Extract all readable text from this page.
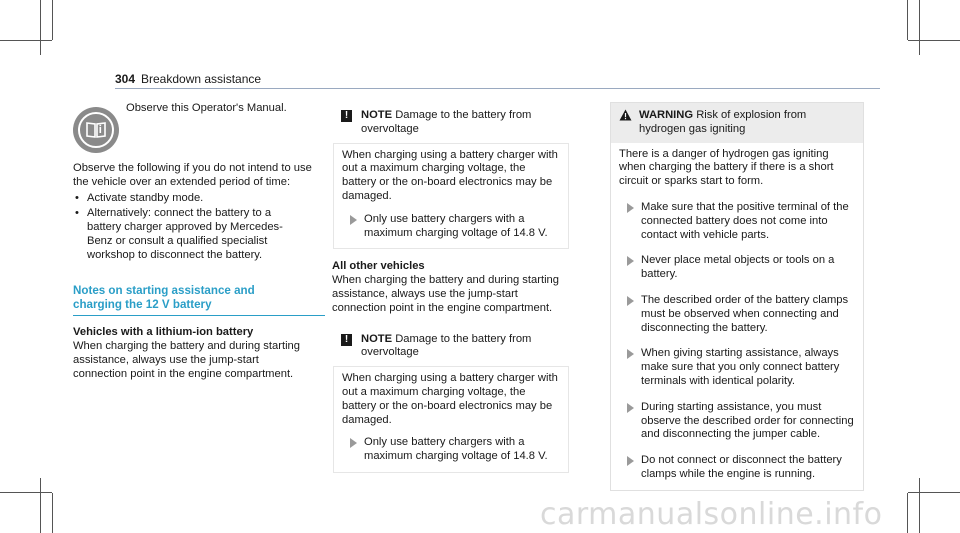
304 Breakdown assistance

Observe this Operator's Manual.

Observe the following if you do not intend to use the vehicle over an extended period of time:

• Activate standby mode.
• Alternatively: connect the battery to a battery charger approved by Mercedes-Benz or consult a qualified specialist workshop to disconnect the battery.
Notes on starting assistance and charging the 12 V battery
Vehicles with a lithium-ion battery

When charging the battery and during starting assistance, always use the jump-start connection point in the engine compartment.

!	NOTE Damage to the battery from overvoltage

When charging using a battery charger with out a maximum charging voltage, the battery or the on-board electronics may be damaged.

Only use battery chargers with a maximum charging voltage of 14.8 V.
All other vehicles

When charging the battery and during starting assistance, always use the jump-start connection point in the engine compartment.

!	NOTE Damage to the battery from overvoltage

When charging using a battery charger with out a maximum charging voltage, the battery or the on-board electronics may be damaged.

Only use battery chargers with a maximum charging voltage of 14.8 V.
WARNING Risk of explosion from hydrogen gas igniting

There is a danger of hydrogen gas igniting when charging the battery if there is a short circuit or sparks start to form.

Make sure that the positive terminal of the connected battery does not come into contact with vehicle parts.
Never place metal objects or tools on a battery.
The described order of the battery clamps must be observed when connecting and disconnecting the battery.
When giving starting assistance, always make sure that you only connect battery terminals with identical polarity.
During starting assistance, you must observe the described order for connecting and disconnecting the jumper cable.
Do not connect or disconnect the battery clamps while the engine is running.
carmanualsonline.info
